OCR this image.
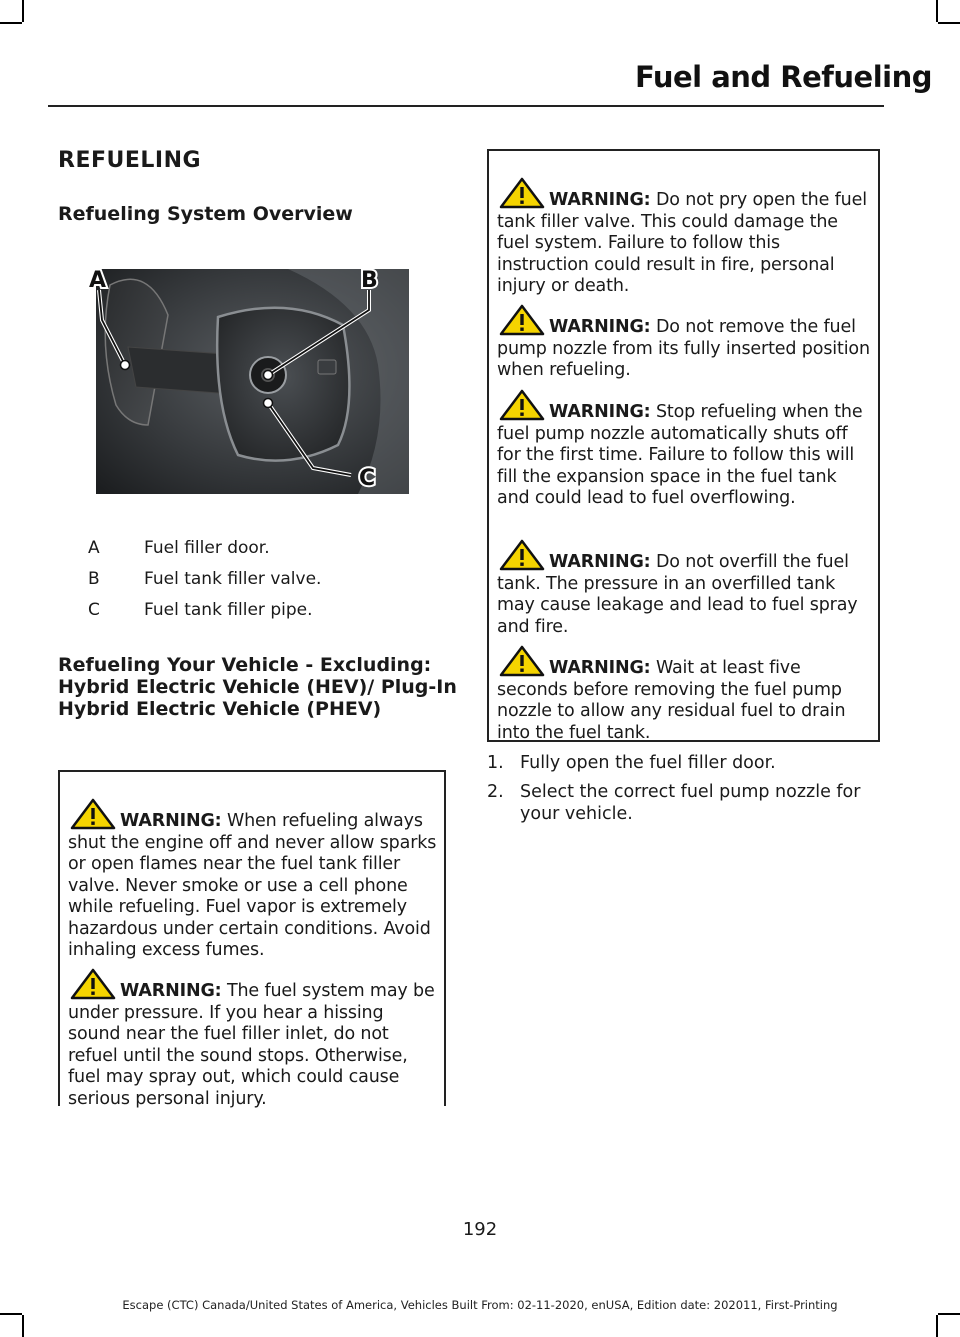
Fuel and Refueling
REFUELING
Refueling System Overview
A	B
C
A	Fuel filler door.
B	Fuel tank filler valve.
C	Fuel tank filler pipe.
Refueling Your Vehicle - Excluding: Hybrid Electric Vehicle (HEV)/ Plug-In Hybrid Electric Vehicle (PHEV)
WARNING: When refueling always shut the engine off and never allow sparks or open flames near the fuel tank filler valve. Never smoke or use a cell phone while refueling. Fuel vapor is extremely hazardous under certain conditions. Avoid inhaling excess fumes.
WARNING: The fuel system may be under pressure. If you hear a hissing sound near the fuel filler inlet, do not refuel until the sound stops. Otherwise, fuel may spray out, which could cause serious personal injury.
WARNING: Do not pry open the fuel tank filler valve. This could damage the fuel system. Failure to follow this instruction could result in fire, personal injury or death.
WARNING: Do not remove the fuel pump nozzle from its fully inserted position when refueling.
WARNING: Stop refueling when the fuel pump nozzle automatically shuts off for the first time. Failure to follow this will fill the expansion space in the fuel tank and could lead to fuel overflowing.
WARNING: Do not overfill the fuel tank. The pressure in an overfilled tank may cause leakage and lead to fuel spray and fire.
WARNING: Wait at least five seconds before removing the fuel pump nozzle to allow any residual fuel to drain into the fuel tank.
1. Fully open the fuel filler door.
2. Select the correct fuel pump nozzle for your vehicle.
192
Escape (CTC) Canada/United States of America, Vehicles Built From: 02-11-2020, enUSA, Edition date: 202011, First-Printing
